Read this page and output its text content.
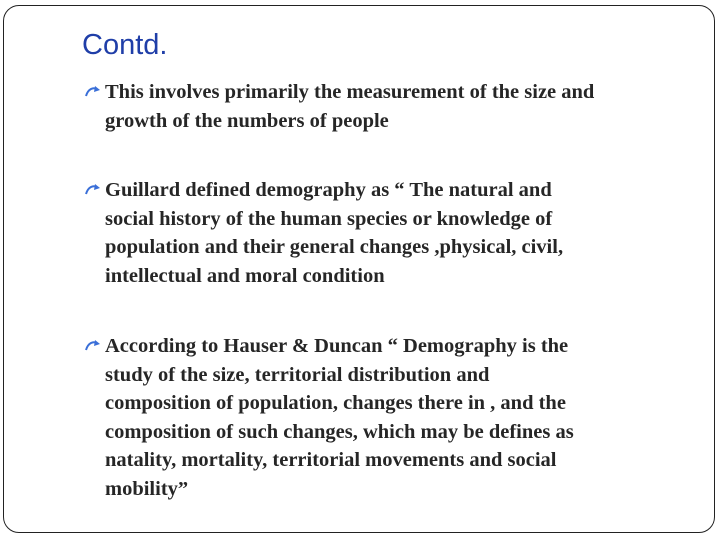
Contd.
This involves primarily the measurement of the size and
growth of the numbers of people
Guillard defined demography as “ The natural and
social history of the human species or knowledge of
population and their general changes ,physical, civil,
intellectual and moral condition
According to Hauser & Duncan “ Demography is the
study of the size, territorial distribution and
composition of population, changes there in , and the
composition of such changes, which may be defines as
natality, mortality, territorial movements and social
mobility”
